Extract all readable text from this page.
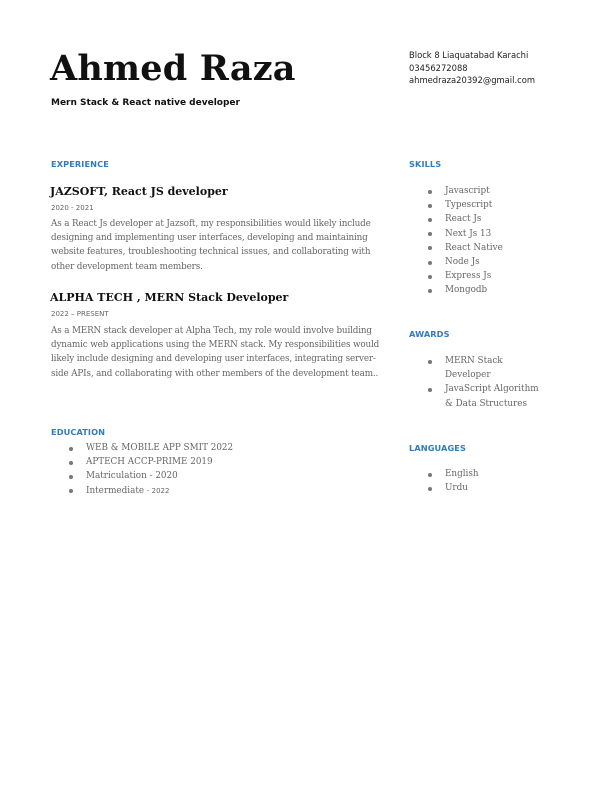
Ahmed Raza

Mern Stack & React native developer

Block 8 Liaquatabad Karachi
03456272088
ahmedraza20392@gmail.com
EXPERIENCE
JAZSOFT, React JS developer

2020 - 2021

As a React Js developer at Jazsoft, my responsibilities would likely include designing and implementing user interfaces, developing and maintaining website features, troubleshooting technical issues, and collaborating with other development team members.

ALPHA TECH , MERN Stack Developer

2022 – PRESENT

As a MERN stack developer at Alpha Tech, my role would involve building dynamic web applications using the MERN stack. My responsibilities would likely include designing and developing user interfaces, integrating server-side APIs, and collaborating with other members of the development team..

EDUCATION
WEB & MOBILE APP SMIT 2022
APTECH ACCP-PRIME 2019
Matriculation - 2020
Intermediate - 2022
SKILLS
Javascript
Typescript
React Js
Next Js 13
React Native
Node Js
Express Js
Mongodb
AWARDS
MERN Stack Developer
JavaScript Algorithm & Data Structures
LANGUAGES
English
Urdu
